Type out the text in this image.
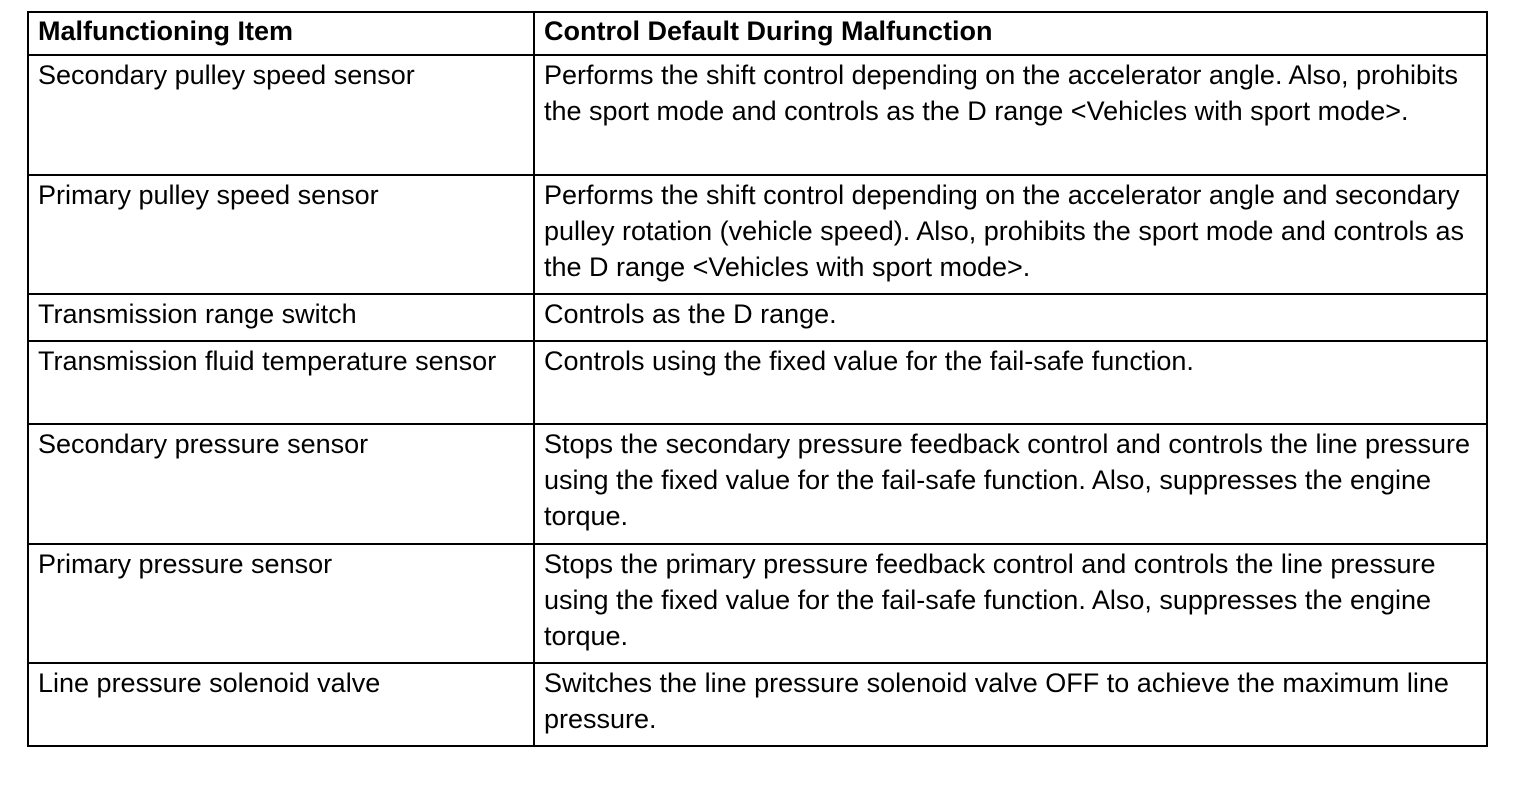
Malfunctioning Item	Control Default During Malfunction
Secondary pulley speed sensor	Performs the shift control depending on the accelerator angle. Also, prohibits the sport mode and controls as the D range <Vehicles with sport mode>.
Primary pulley speed sensor	Performs the shift control depending on the accelerator angle and secondary pulley rotation (vehicle speed). Also, prohibits the sport mode and controls as the D range <Vehicles with sport mode>.
Transmission range switch	Controls as the D range.
Transmission fluid temperature sensor	Controls using the fixed value for the fail-safe function.
Secondary pressure sensor	Stops the secondary pressure feedback control and controls the line pressure using the fixed value for the fail-safe function. Also, suppresses the engine torque.
Primary pressure sensor	Stops the primary pressure feedback control and controls the line pressure using the fixed value for the fail-safe function. Also, suppresses the engine torque.
Line pressure solenoid valve	Switches the line pressure solenoid valve OFF to achieve the maximum line pressure.
